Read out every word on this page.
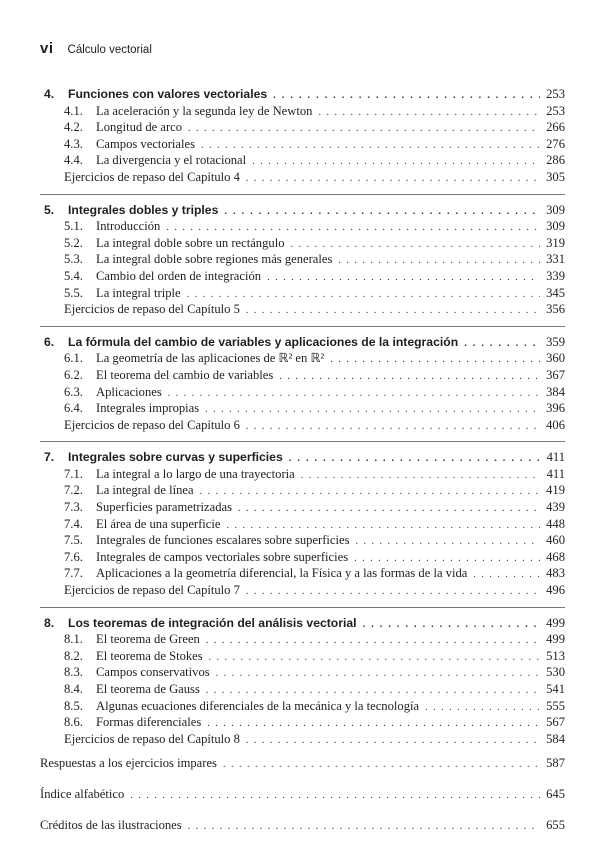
vi Cálculo vectorial
4. Funciones con valores vectoriales . . .	253
4.1. La aceleración y la segunda ley de Newton . . .	253
4.2. Longitud de arco . . .	266
4.3. Campos vectoriales . . .	276
4.4. La divergencia y el rotacional . . .	286
Ejercicios de repaso del Capítulo 4 . . .	305
5. Integrales dobles y triples . . .	309
5.1. Introducción . . .	309
5.2. La integral doble sobre un rectángulo . . .	319
5.3. La integral doble sobre regiones más generales . . .	331
5.4. Cambio del orden de integración . . .	339
5.5. La integral triple . . .	345
Ejercicios de repaso del Capítulo 5 . . .	356
6. La fórmula del cambio de variables y aplicaciones de la integración . . .	359
6.1. La geometría de las aplicaciones de ℝ² en ℝ² . . .	360
6.2. El teorema del cambio de variables . . .	367
6.3. Aplicaciones . . .	384
6.4. Integrales impropias . . .	396
Ejercicios de repaso del Capítulo 6 . . .	406
7. Integrales sobre curvas y superficies . . .	411
7.1. La integral a lo largo de una trayectoria . . .	411
7.2. La integral de línea . . .	419
7.3. Superficies parametrizadas . . .	439
7.4. El área de una superficie . . .	448
7.5. Integrales de funciones escalares sobre superficies . . .	460
7.6. Integrales de campos vectoriales sobre superficies . . .	468
7.7. Aplicaciones a la geometría diferencial, la Física y a las formas de la vida . . .	483
Ejercicios de repaso del Capítulo 7 . . .	496
8. Los teoremas de integración del análisis vectorial . . .	499
8.1. El teorema de Green . . .	499
8.2. El teorema de Stokes . . .	513
8.3. Campos conservativos . . .	530
8.4. El teorema de Gauss . . .	541
8.5. Algunas ecuaciones diferenciales de la mecánica y la tecnología . . .	555
8.6. Formas diferenciales . . .	567
Ejercicios de repaso del Capítulo 8 . . .	584
Respuestas a los ejercicios impares . . .	587
Índice alfabético . . .	645
Créditos de las ilustraciones . . .	655
